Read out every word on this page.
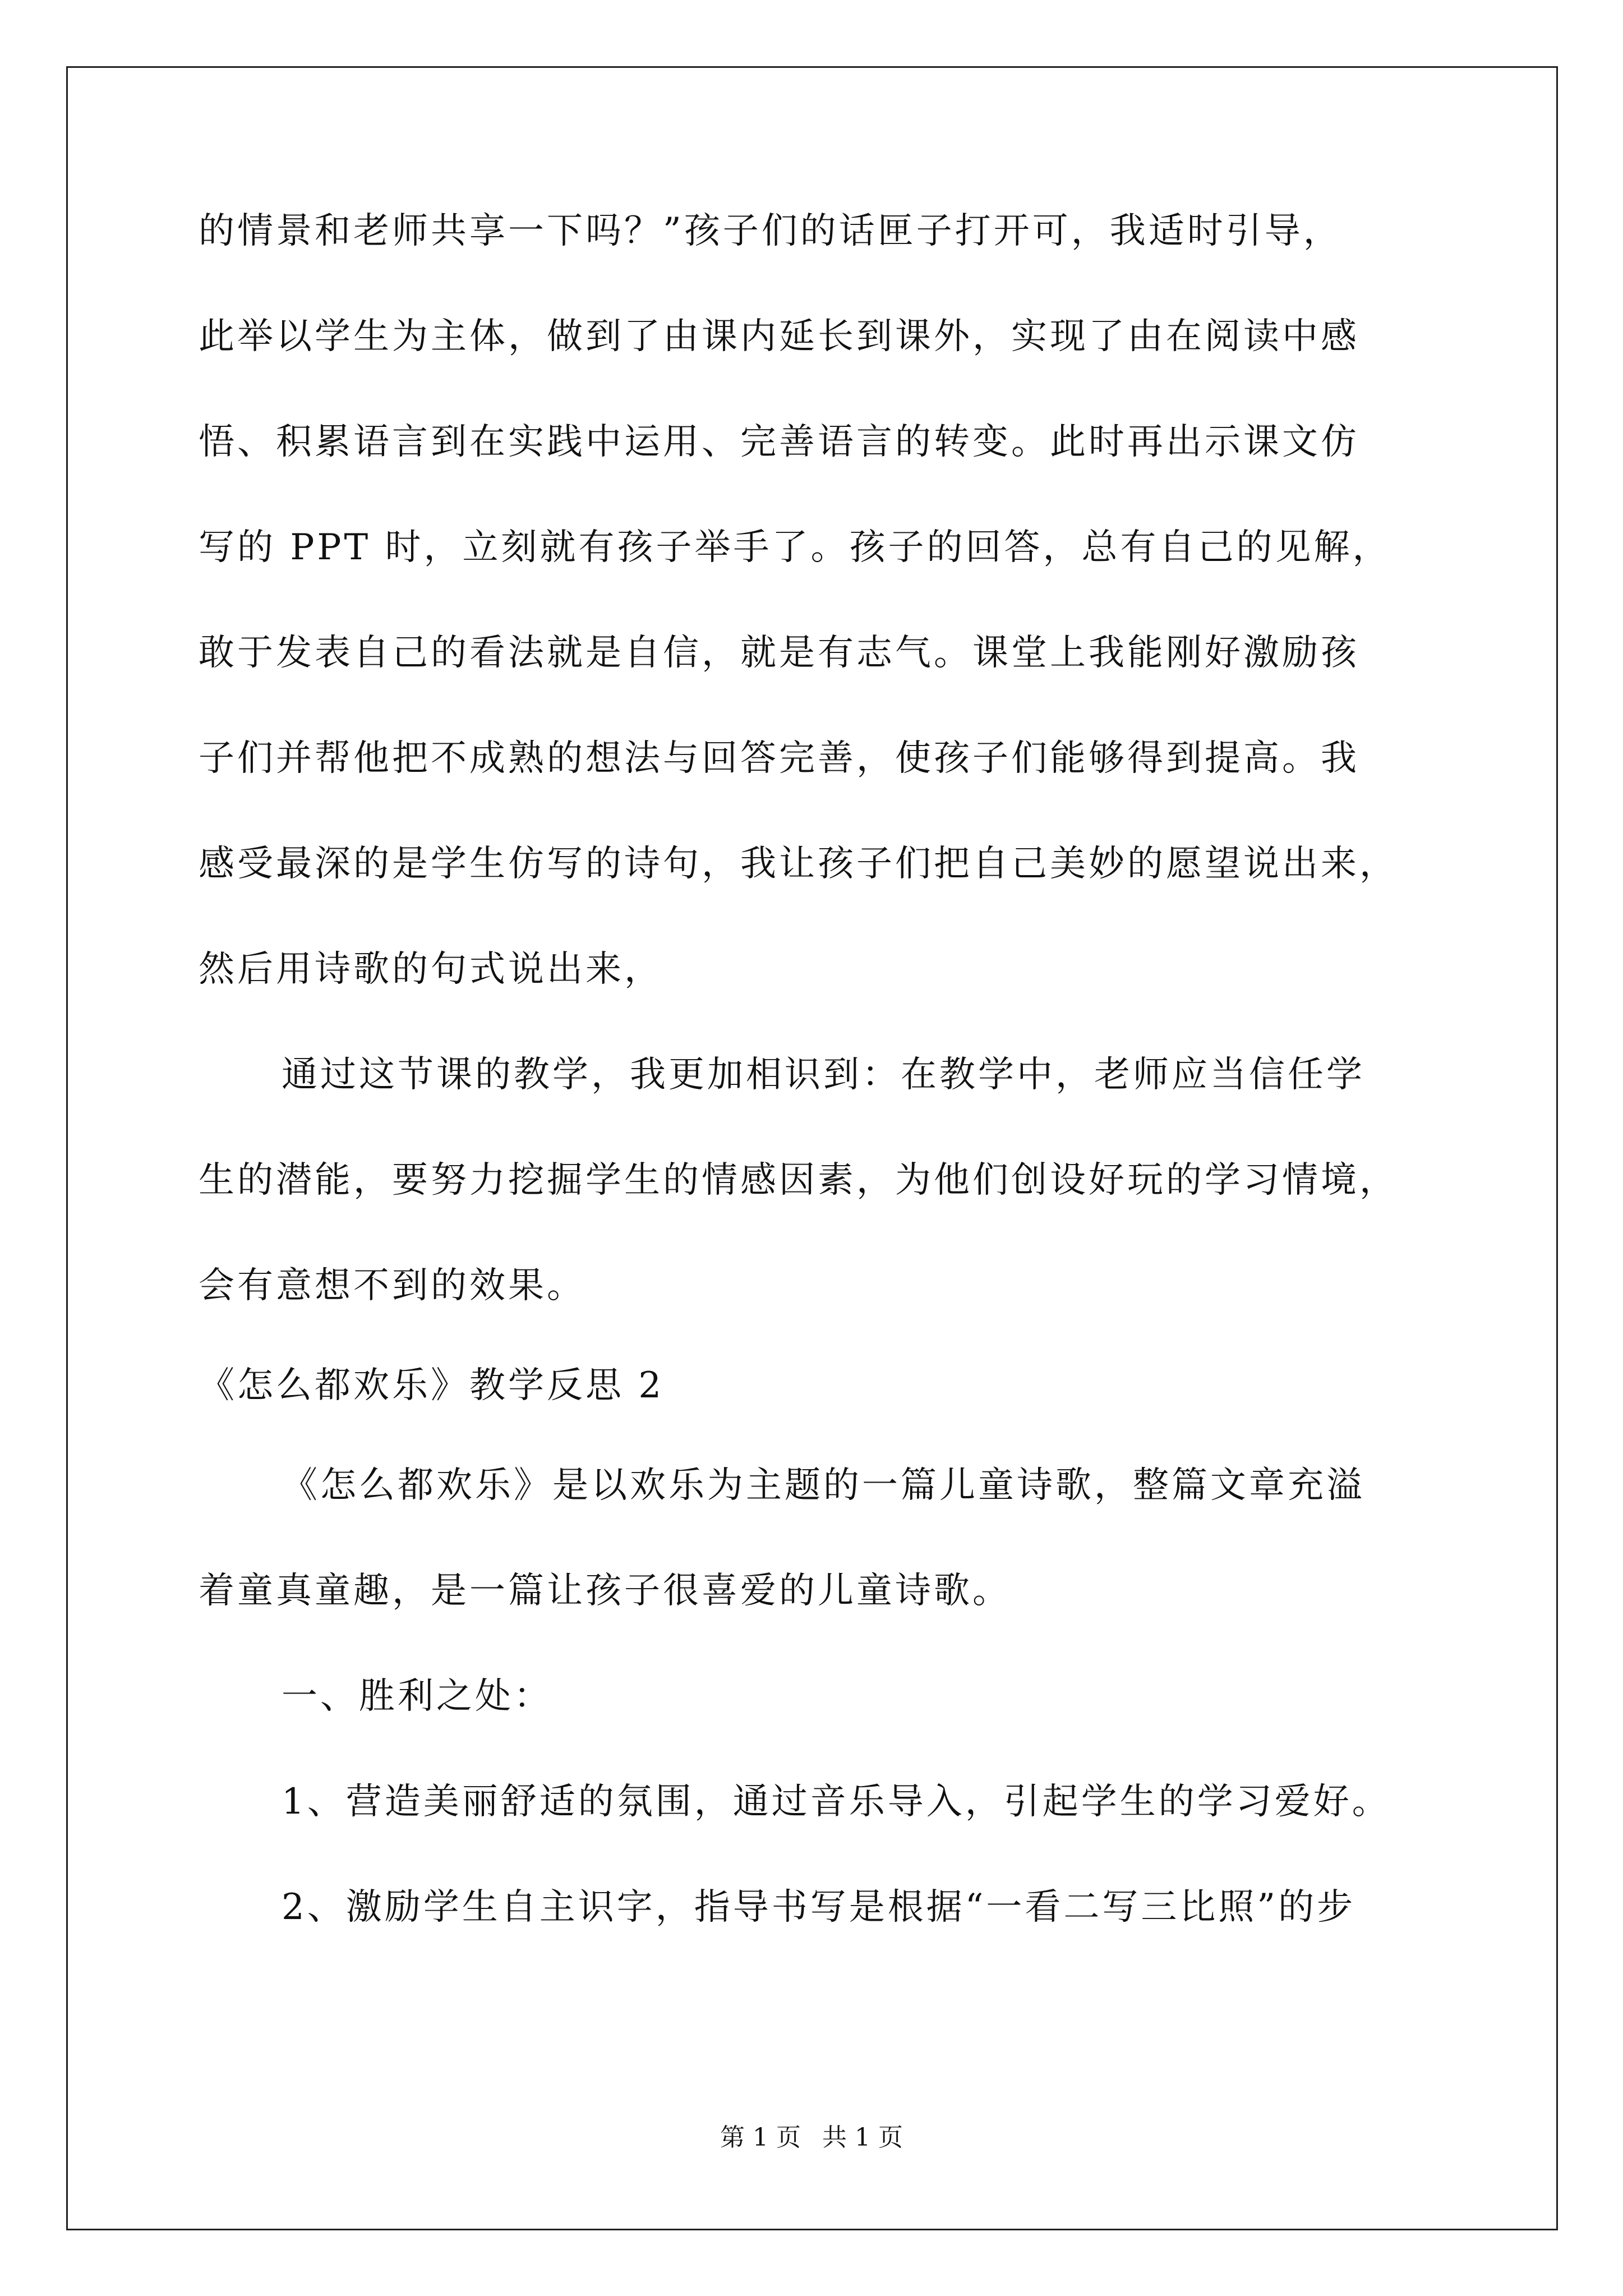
的情景和老师共享一下吗？”孩子们的话匣子打开可，我适时引导，
此举以学生为主体，做到了由课内延长到课外，实现了由在阅读中感
悟、积累语言到在实践中运用、完善语言的转变。此时再出示课文仿
写的 PPT 时，立刻就有孩子举手了。孩子的回答，总有自己的见解，
敢于发表自己的看法就是自信，就是有志气。课堂上我能刚好激励孩
子们并帮他把不成熟的想法与回答完善，使孩子们能够得到提高。我
感受最深的是学生仿写的诗句，我让孩子们把自己美妙的愿望说出来，
然后用诗歌的句式说出来，
通过这节课的教学，我更加相识到：在教学中，老师应当信任学
生的潜能，要努力挖掘学生的情感因素，为他们创设好玩的学习情境，
会有意想不到的效果。
《怎么都欢乐》教学反思 2
《怎么都欢乐》是以欢乐为主题的一篇儿童诗歌，整篇文章充溢
着童真童趣，是一篇让孩子很喜爱的儿童诗歌。
一、胜利之处：
1、营造美丽舒适的氛围，通过音乐导入，引起学生的学习爱好。
2、激励学生自主识字，指导书写是根据“一看二写三比照”的步
第 1 页 共 1 页
